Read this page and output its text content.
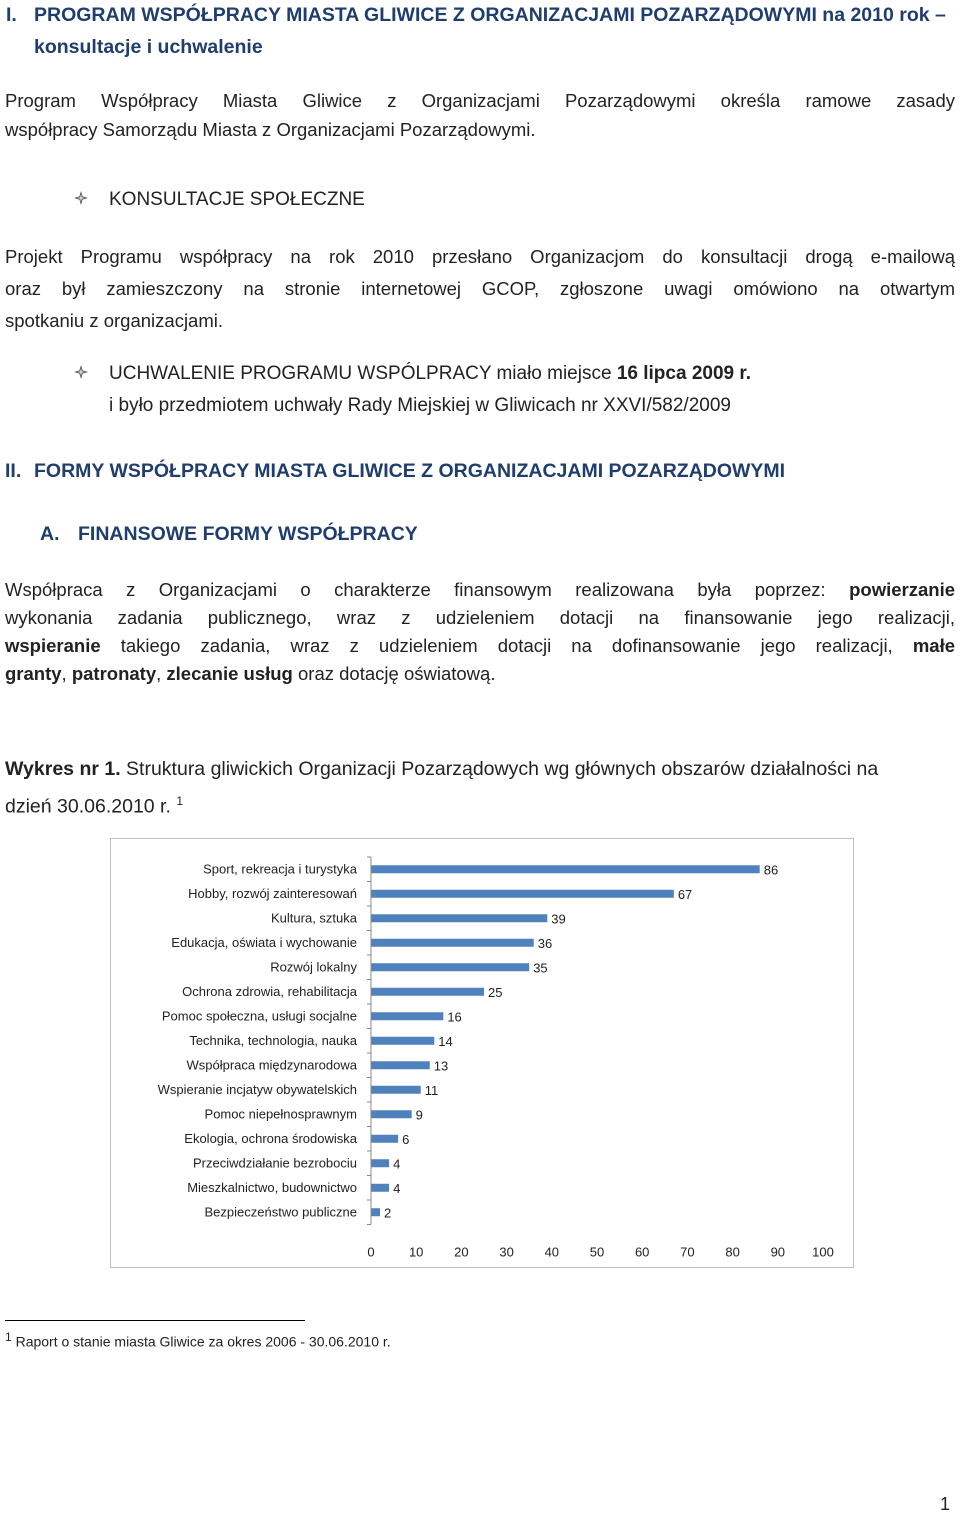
I. PROGRAM WSPÓŁPRACY MIASTA GLIWICE Z ORGANIZACJAMI POZARZĄDOWYMI na 2010 rok –
konsultacje i uchwalenie
Program Współpracy Miasta Gliwice z Organizacjami Pozarządowymi określa ramowe zasady
współpracy Samorządu Miasta z Organizacjami Pozarządowymi.
KONSULTACJE SPOŁECZNE
Projekt Programu współpracy na rok 2010 przesłano Organizacjom do konsultacji drogą e-mailową
oraz był zamieszczony na stronie internetowej GCOP, zgłoszone uwagi omówiono na otwartym
spotkaniu z organizacjami.
UCHWALENIE PROGRAMU WSPÓLPRACY miało miejsce 16 lipca 2009 r.
i było przedmiotem uchwały Rady Miejskiej w Gliwicach nr XXVI/582/2009
II. FORMY WSPÓŁPRACY MIASTA GLIWICE Z ORGANIZACJAMI POZARZĄDOWYMI
A. FINANSOWE FORMY WSPÓŁPRACY
Współpraca z Organizacjami o charakterze finansowym realizowana była poprzez: powierzanie
wykonania zadania publicznego, wraz z udzieleniem dotacji na finansowanie jego realizacji,
wspieranie takiego zadania, wraz z udzieleniem dotacji na dofinansowanie jego realizacji, małe
granty, patronaty, zlecanie usług oraz dotację oświatową.
Wykres nr 1. Struktura gliwickich Organizacji Pozarządowych wg głównych obszarów działalności na
dzień 30.06.2010 r. $^1$
Sport, rekreacja i turystyka	86
Hobby, rozwój zainteresowań	67
Kultura, sztuka	39
Edukacja, oświata i wychowanie	36
Rozwój lokalny	35
Ochrona zdrowia, rehabilitacja	25
Pomoc społeczna, usługi socjalne	16
Technika, technologia, nauka	14
Współpraca międzynarodowa	13
Wspieranie incjatyw obywatelskich	11
Pomoc niepełnosprawnym	9
Ekologia, ochrona środowiska	6
Przeciwdziałanie bezrobociu	4
Mieszkalnictwo, budownictwo	4
Bezpieczeństwo publiczne 2
0	10 20 30 40 50 60 70 80 90 100
$^1$ Raport o stanie miasta Gliwice za okres 2006 - 30.06.2010 r.
1
